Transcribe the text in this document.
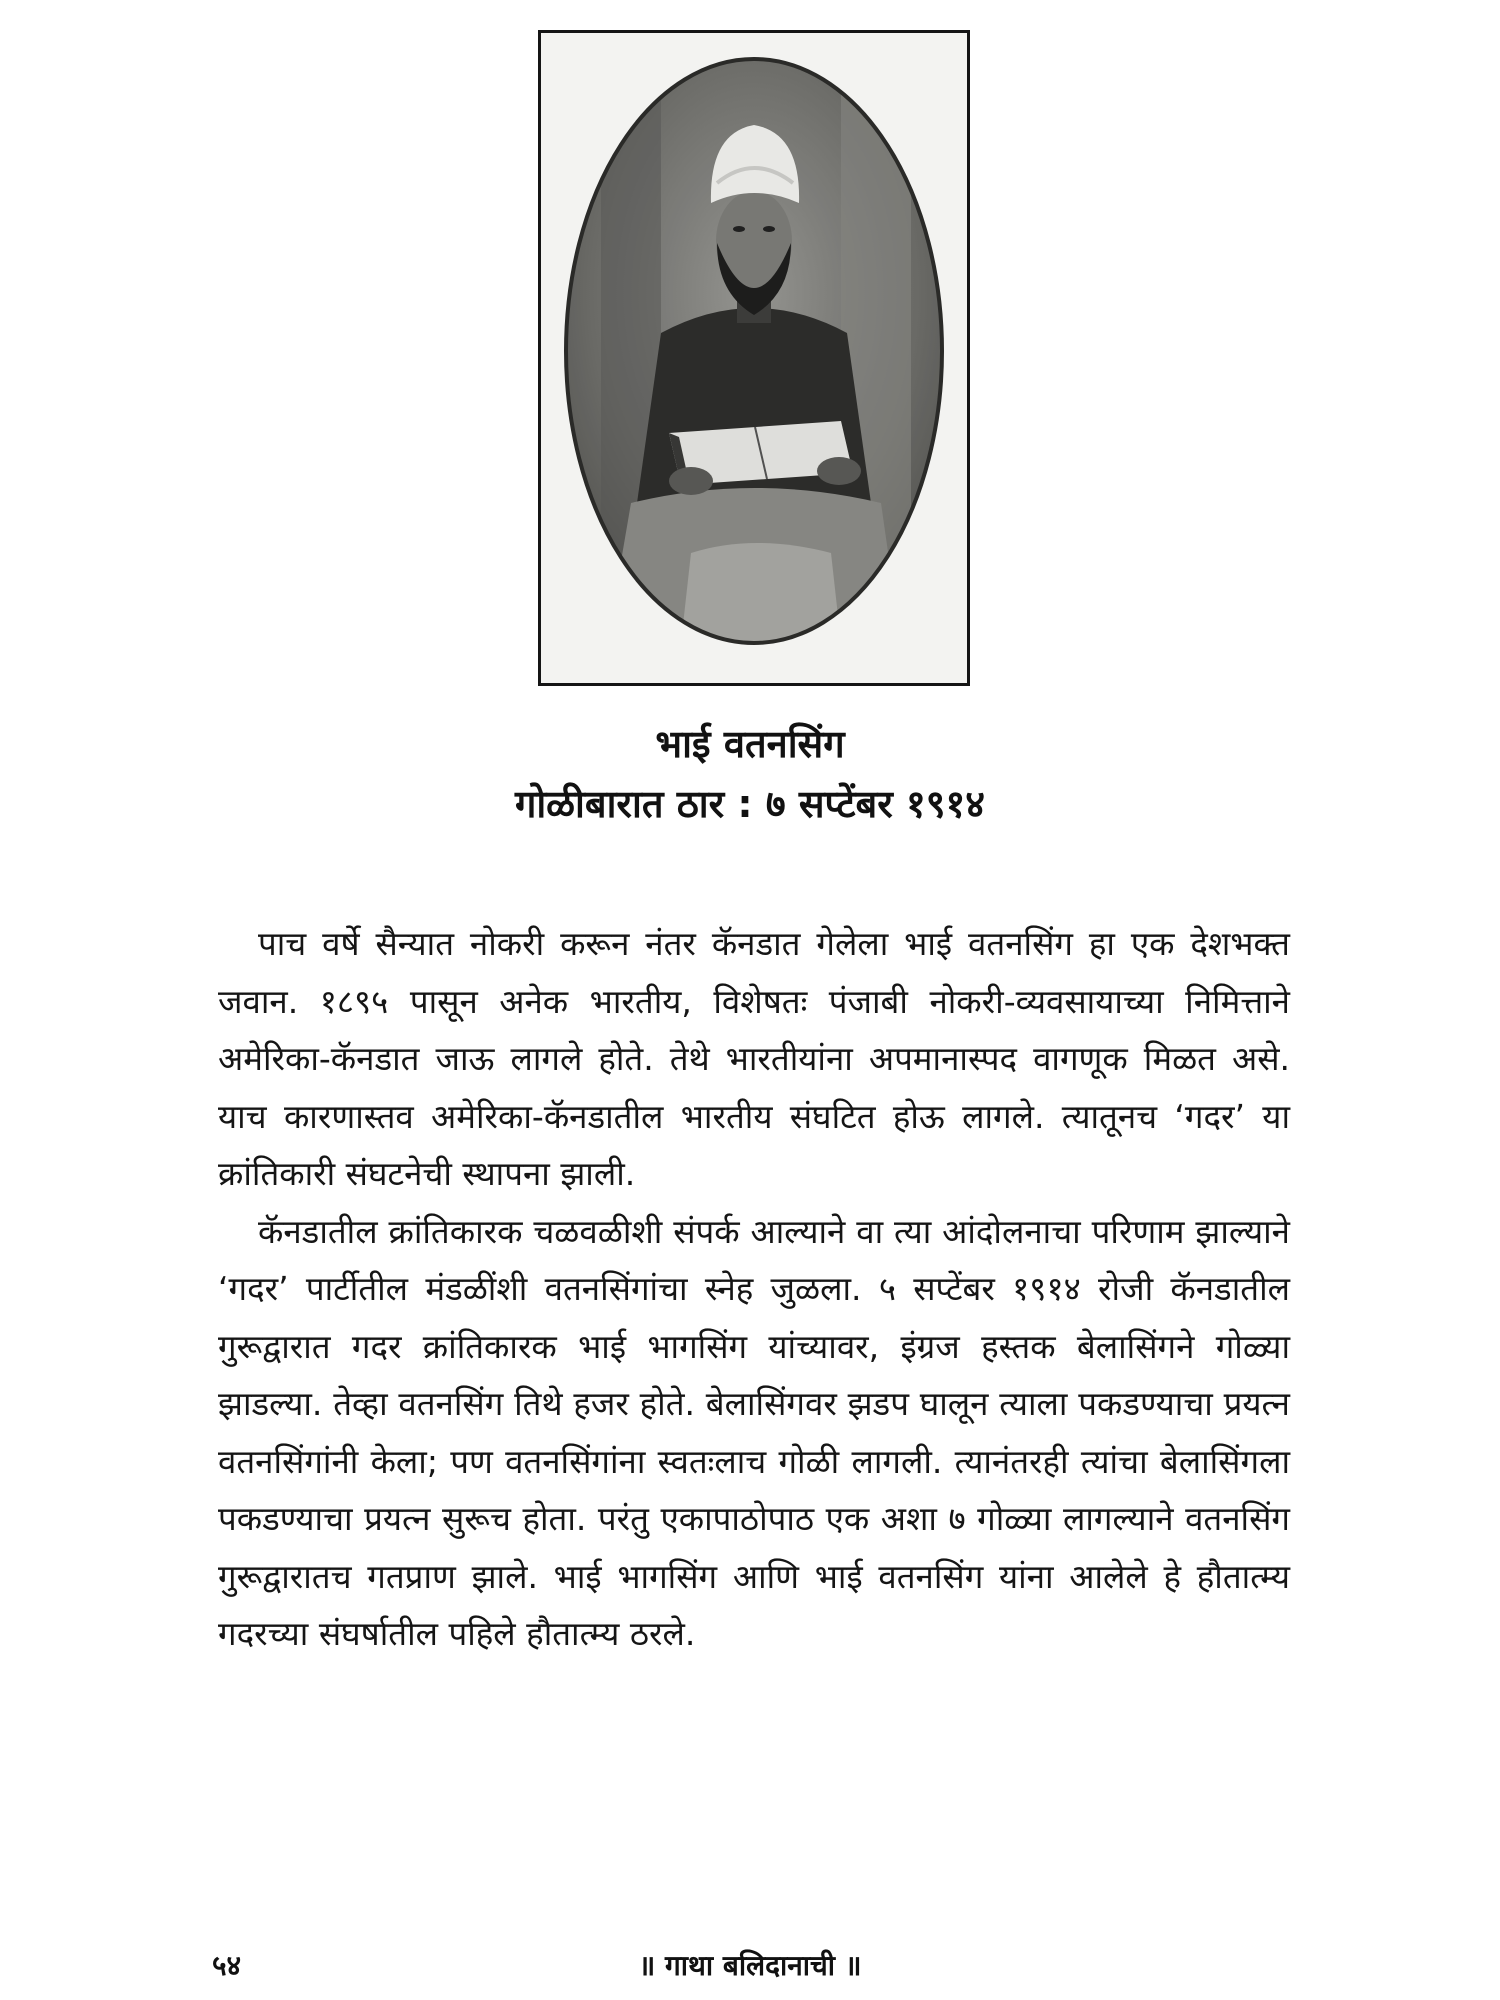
भाई वतनसिंग
गोळीबारात ठार : ७ सप्टेंबर १९१४

पाच वर्षे सैन्यात नोकरी करून नंतर कॅनडात गेलेला भाई वतनसिंग हा एक देशभक्त जवान. १८९५ पासून अनेक भारतीय, विशेषतः पंजाबी नोकरी-व्यवसायाच्या निमित्ताने अमेरिका-कॅनडात जाऊ लागले होते. तेथे भारतीयांना अपमानास्पद वागणूक मिळत असे. याच कारणास्तव अमेरिका-कॅनडातील भारतीय संघटित होऊ लागले. त्यातूनच ‘गदर’ या क्रांतिकारी संघटनेची स्थापना झाली.

कॅनडातील क्रांतिकारक चळवळीशी संपर्क आल्याने वा त्या आंदोलनाचा परिणाम झाल्याने ‘गदर’ पार्टीतील मंडळींशी वतनसिंगांचा स्नेह जुळला. ५ सप्टेंबर १९१४ रोजी कॅनडातील गुरूद्वारात गदर क्रांतिकारक भाई भागसिंग यांच्यावर, इंग्रज हस्तक बेलासिंगने गोळ्या झाडल्या. तेव्हा वतनसिंग तिथे हजर होते. बेलासिंगवर झडप घालून त्याला पकडण्याचा प्रयत्न वतनसिंगांनी केला; पण वतनसिंगांना स्वतःलाच गोळी लागली. त्यानंतरही त्यांचा बेलासिंगला पकडण्याचा प्रयत्न सुरूच होता. परंतु एकापाठोपाठ एक अशा ७ गोळ्या लागल्याने वतनसिंग गुरूद्वारातच गतप्राण झाले. भाई भागसिंग आणि भाई वतनसिंग यांना आलेले हे हौतात्म्य गदरच्या संघर्षातील पहिले हौतात्म्य ठरले.

५४	॥ गाथा बलिदानाची ॥
